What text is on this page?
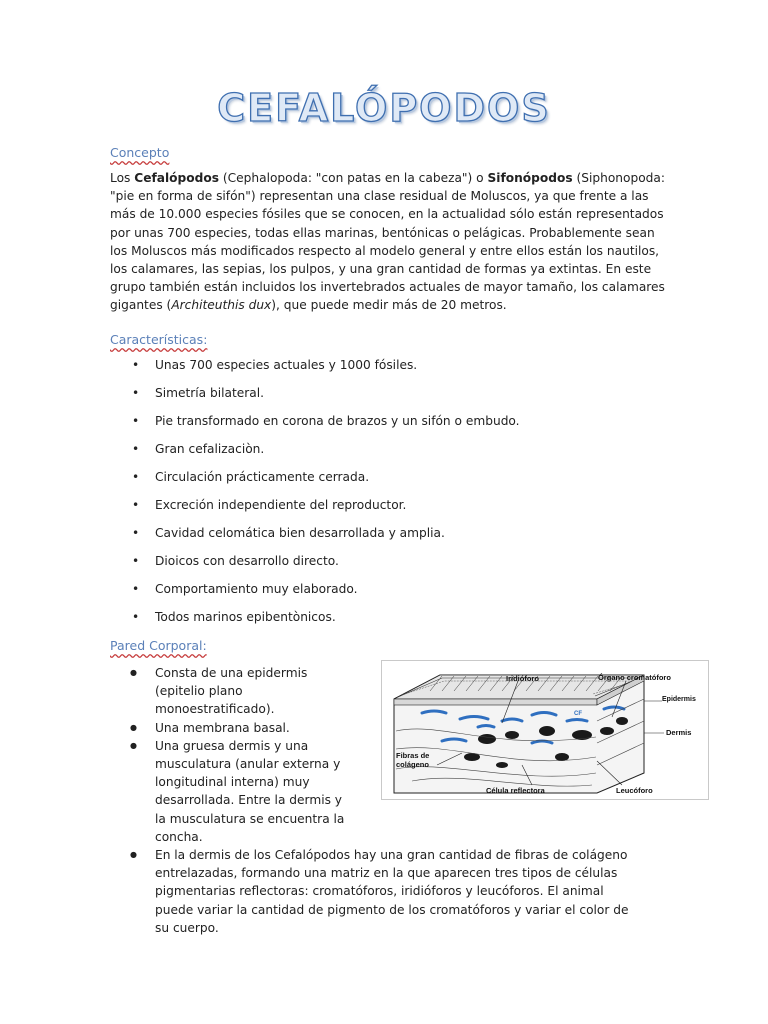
CEFALÓPODOS
Concepto

Los Cefalópodos (Cephalopoda: "con patas en la cabeza") o Sifonópodos (Siphonopoda: "pie en forma de sifón") representan una clase residual de Moluscos, ya que frente a las más de 10.000 especies fósiles que se conocen, en la actualidad sólo están representados por unas 700 especies, todas ellas marinas, bentónicas o pelágicas. Probablemente sean los Moluscos más modificados respecto al modelo general y entre ellos están los nautilos, los calamares, las sepias, los pulpos, y una gran cantidad de formas ya extintas. En este grupo también están incluidos los invertebrados actuales de mayor tamaño, los calamares gigantes (Architeuthis dux), que puede medir más de 20 metros.

Características:
• Unas 700 especies actuales y 1000 fósiles.
• Simetría bilateral.
• Pie transformado en corona de brazos y un sifón o embudo.
• Gran cefalizaciòn.
• Circulación prácticamente cerrada.
• Excreción independiente del reproductor.
• Cavidad celomática bien desarrollada y amplia.
• Dioicos con desarrollo directo.
• Comportamiento muy elaborado.
• Todos marinos epibentònicos.
Pared Corporal:
● Consta de una epidermis (epitelio plano monoestratificado).
● Una membrana basal.
● Una gruesa dermis y una musculatura (anular externa y longitudinal interna) muy desarrollada. Entre la dermis y la musculatura se encuentra la concha.
● En la dermis de los Cefalópodos hay una gran cantidad de fibras de colágeno entrelazadas, formando una matriz en la que aparecen tres tipos de células pigmentarias reflectoras: cromatóforos, iridióforos y leucóforos. El animal puede variar la cantidad de pigmento de los cromatóforos y variar el color de su cuerpo.
Iridióforo	Órgano cromatóforo
Epidermis
Dermis
Fibras de colágeno
Célula reflectora	Leucóforo
CF
